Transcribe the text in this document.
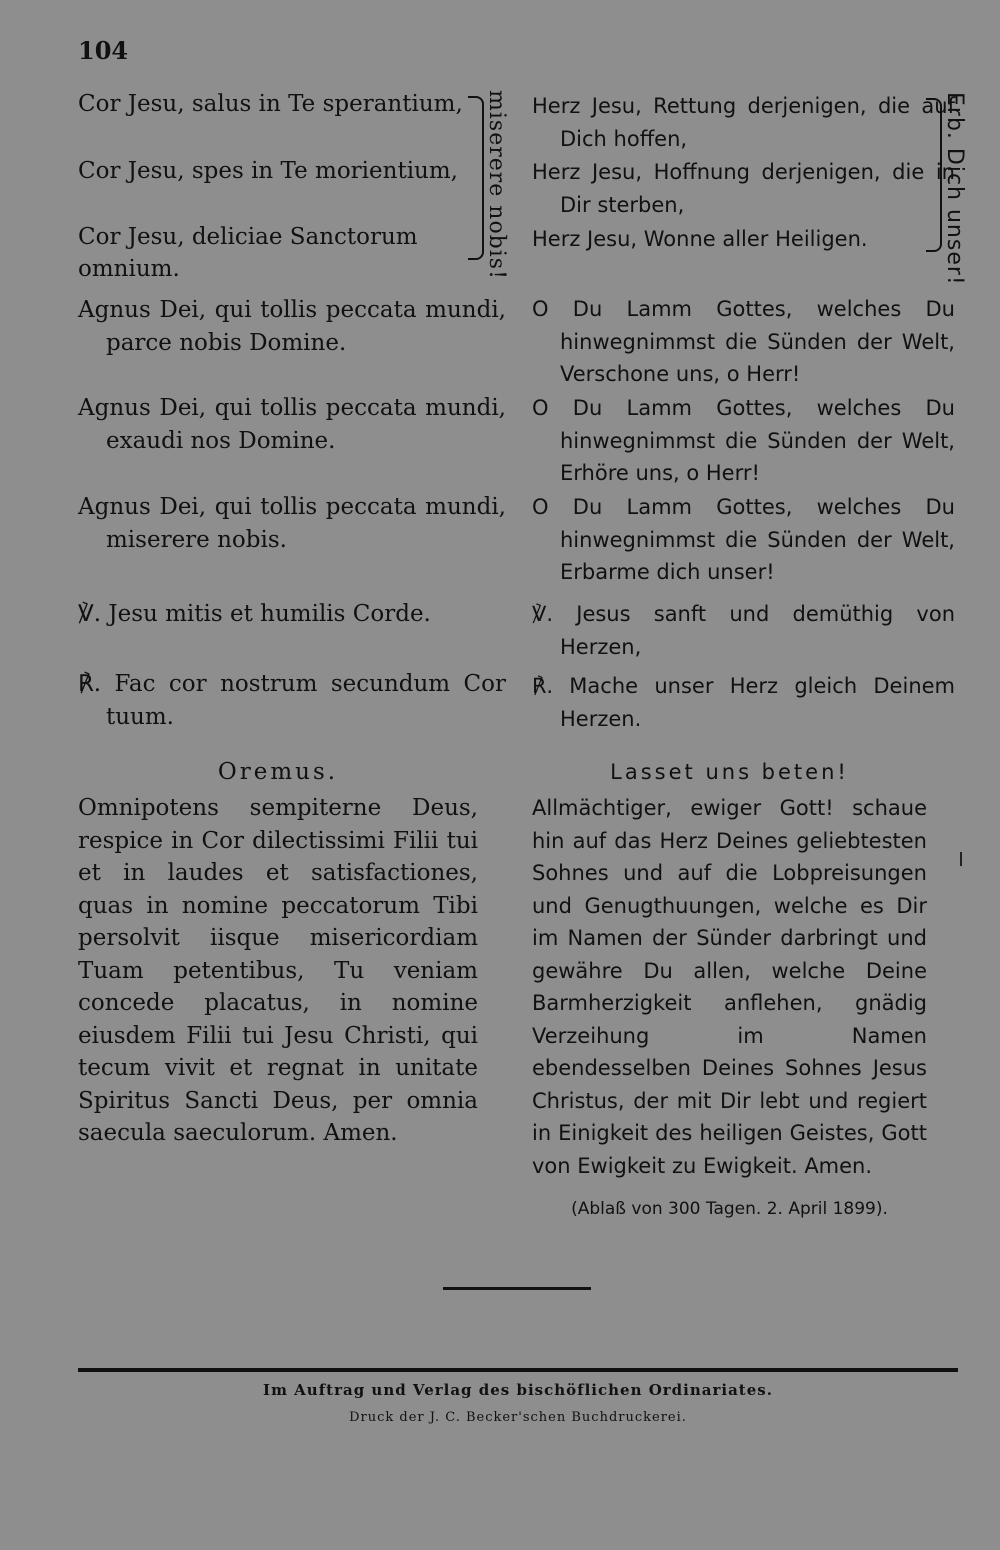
104
Cor Jesu, salus in Te sperantium,
Cor Jesu, spes in Te morientium,
Cor Jesu, deliciae Sanctorum
omnium.
Agnus Dei, qui tollis peccata mundi, parce nobis Domine.
Agnus Dei, qui tollis peccata mundi, exaudi nos Domine.
Agnus Dei, qui tollis peccata mundi, miserere nobis.
℣. Jesu mitis et humilis Corde.
℟. Fac cor nostrum secundum Cor tuum.
Oremus.
Omnipotens sempiterne Deus, respice in Cor dilectissimi Filii tui et in laudes et satisfactiones, quas in nomine peccatorum Tibi persolvit iisque misericordiam Tuam petentibus, Tu veniam concede placatus, in nomine eiusdem Filii tui Jesu Christi, qui tecum vivit et regnat in unitate Spiritus Sancti Deus, per omnia saecula saeculorum. Amen.
miserere nobis! Herz Jesu, Rettung derjenigen, die auf Dich hoffen,
Herz Jesu, Hoffnung derjenigen, die in Dir sterben,
Herz Jesu, Wonne aller Heiligen.
O Du Lamm Gottes, welches Du hinwegnimmst die Sünden der Welt, Verschone uns, o Herr!
O Du Lamm Gottes, welches Du hinwegnimmst die Sünden der Welt, Erhöre uns, o Herr!
O Du Lamm Gottes, welches Du hinwegnimmst die Sünden der Welt, Erbarme dich unser!
℣. Jesus sanft und demüthig von Herzen,
℟. Mache unser Herz gleich Deinem Herzen.
Lasset uns beten!
Allmächtiger, ewiger Gott! schaue hin auf das Herz Deines geliebtesten Sohnes und auf die Lobpreisungen und Genugthuungen, welche es Dir im Namen der Sünder darbringt und gewähre Du allen, welche Deine Barmherzigkeit anflehen, gnädig Verzeihung im Namen ebendesselben Deines Sohnes Jesus Christus, der mit Dir lebt und regiert in Einigkeit des heiligen Geistes, Gott von Ewigkeit zu Ewigkeit. Amen.
(Ablaß von 300 Tagen. 2. April 1899).
Erb. Dich unser!
Im Auftrag und Verlag des bischöflichen Ordinariates.
Druck der J. C. Becker'schen Buchdruckerei.
